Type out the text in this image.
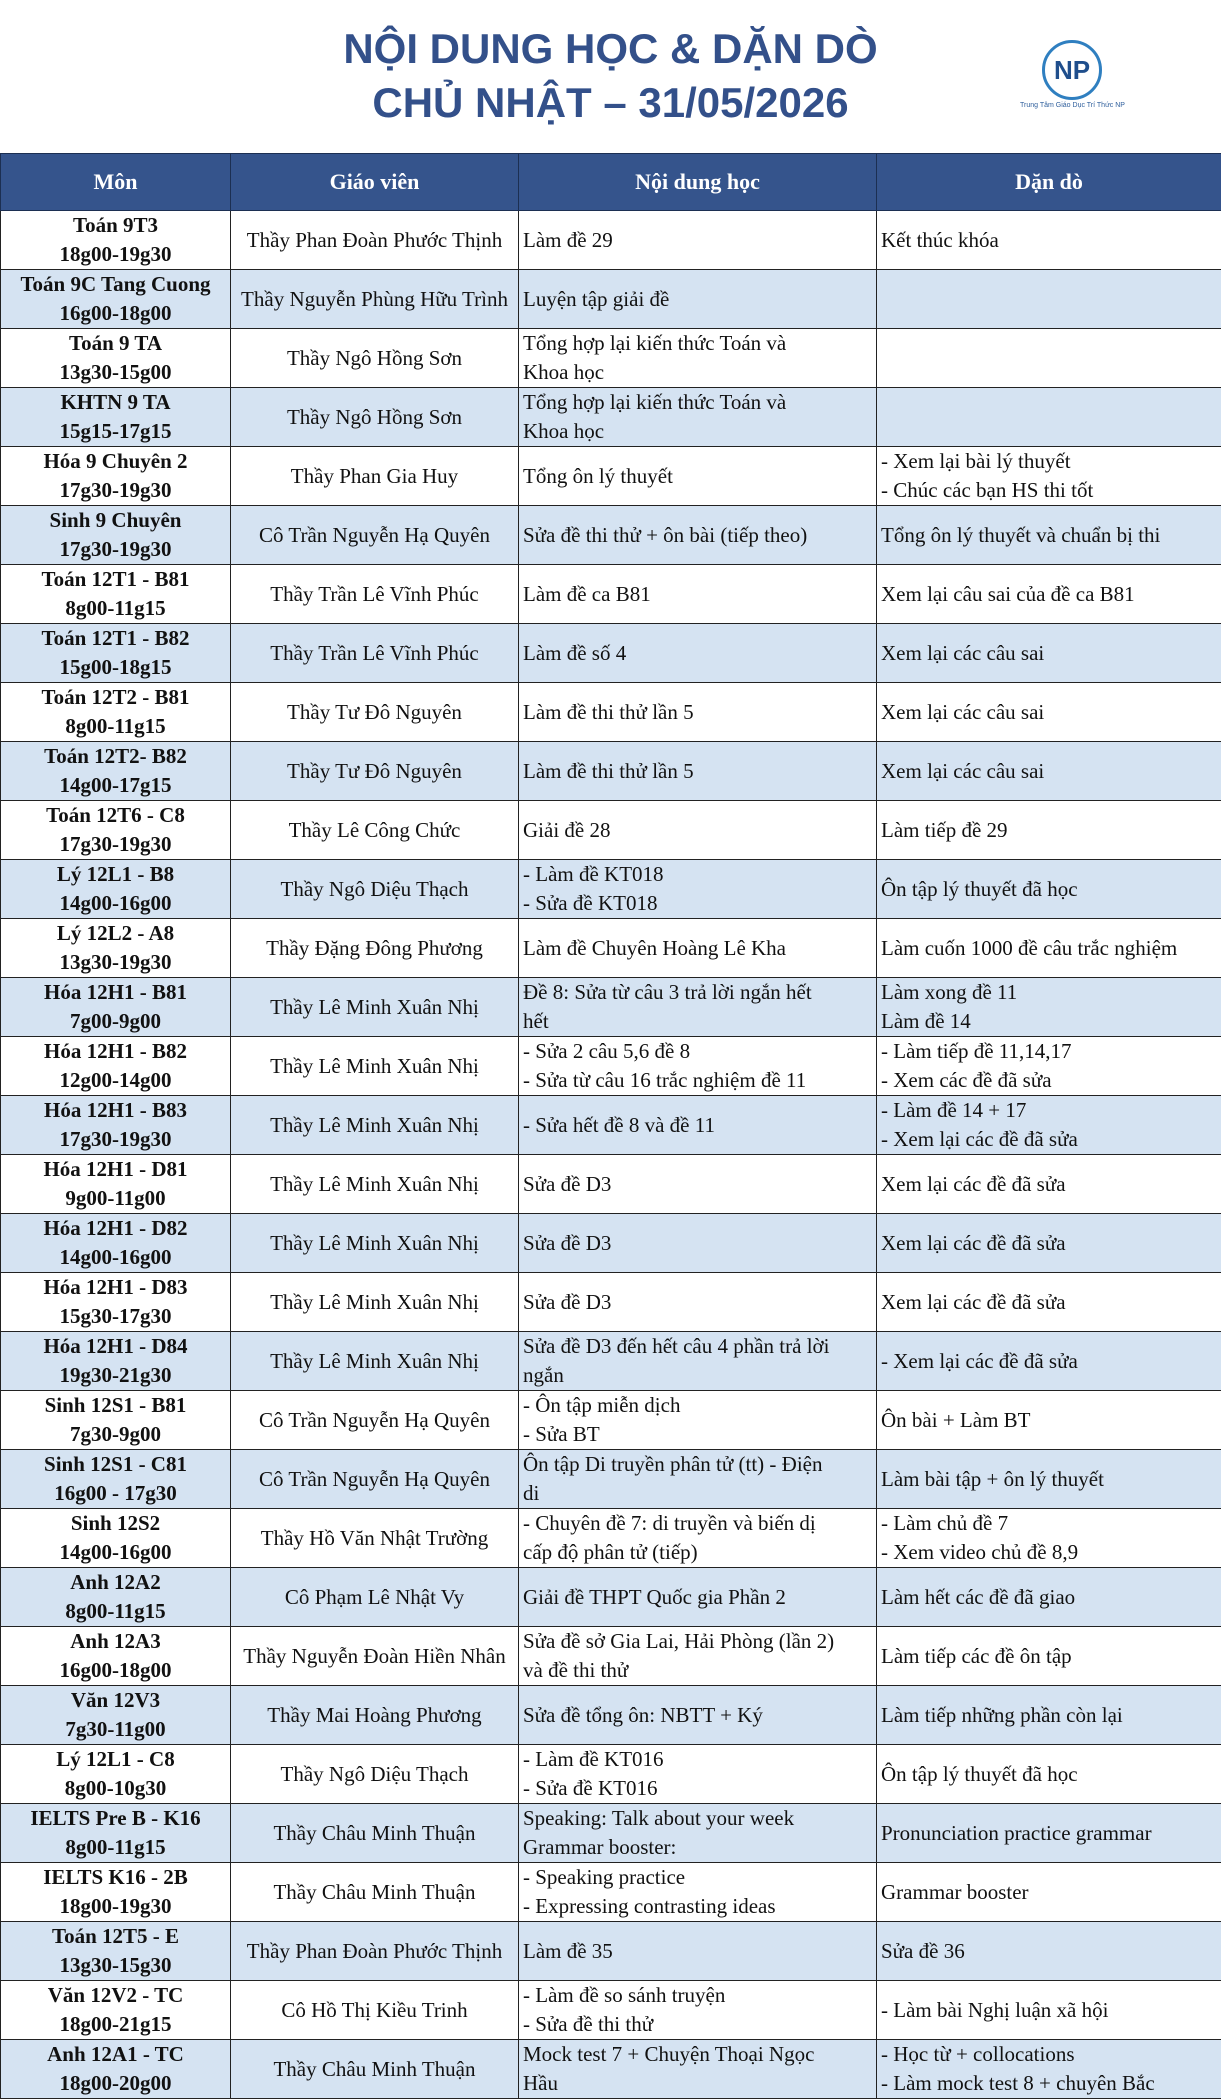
NỘI DUNG HỌC & DẶN DÒ
CHỦ NHẬT – 31/05/2026
NP
Trung Tâm Giáo Dục Trí Thức NP
Môn	Giáo viên	Nội dung học	Dặn dò

Toán 9T3
18g00-19g30	Thầy Phan Đoàn Phước Thịnh	Làm đề 29	Kết thúc khóa

Toán 9C Tang Cuong
16g00-18g00	Thầy Nguyễn Phùng Hữu Trình	Luyện tập giải đề	

Toán 9 TA
13g30-15g00	Thầy Ngô Hồng Sơn	Tổng hợp lại kiến thức Toán và
Khoa học	

KHTN 9 TA
15g15-17g15	Thầy Ngô Hồng Sơn	Tổng hợp lại kiến thức Toán và
Khoa học	

Hóa 9 Chuyên 2
17g30-19g30	Thầy Phan Gia Huy	Tổng ôn lý thuyết	- Xem lại bài lý thuyết
- Chúc các bạn HS thi tốt

Sinh 9 Chuyên
17g30-19g30	Cô Trần Nguyễn Hạ Quyên	Sửa đề thi thử + ôn bài (tiếp theo)	Tổng ôn lý thuyết và chuẩn bị thi

Toán 12T1 - B81
8g00-11g15	Thầy Trần Lê Vĩnh Phúc	Làm đề ca B81	Xem lại câu sai của đề ca B81

Toán 12T1 - B82
15g00-18g15	Thầy Trần Lê Vĩnh Phúc	Làm đề số 4	Xem lại các câu sai

Toán 12T2 - B81
8g00-11g15	Thầy Tư Đô Nguyên	Làm đề thi thử lần 5	Xem lại các câu sai

Toán 12T2- B82
14g00-17g15	Thầy Tư Đô Nguyên	Làm đề thi thử lần 5	Xem lại các câu sai

Toán 12T6 - C8
17g30-19g30	Thầy Lê Công Chức	Giải đề 28	Làm tiếp đề 29

Lý 12L1 - B8
14g00-16g00	Thầy Ngô Diệu Thạch	- Làm đề KT018
- Sửa đề KT018	Ôn tập lý thuyết đã học

Lý 12L2 - A8
13g30-19g30	Thầy Đặng Đông Phương	Làm đề Chuyên Hoàng Lê Kha	Làm cuốn 1000 đề câu trắc nghiệm

Hóa 12H1 - B81
7g00-9g00	Thầy Lê Minh Xuân Nhị	Đề 8: Sửa từ câu 3 trả lời ngắn hết
hết	Làm xong đề 11
Làm đề 14

Hóa 12H1 - B82
12g00-14g00	Thầy Lê Minh Xuân Nhị	- Sửa 2 câu 5,6 đề 8
- Sửa từ câu 16 trắc nghiệm đề 11	- Làm tiếp đề 11,14,17
- Xem các đề đã sửa

Hóa 12H1 - B83
17g30-19g30	Thầy Lê Minh Xuân Nhị	- Sửa hết đề 8 và đề 11	- Làm đề 14 + 17
- Xem lại các đề đã sửa

Hóa 12H1 - D81
9g00-11g00	Thầy Lê Minh Xuân Nhị	Sửa đề D3	Xem lại các đề đã sửa

Hóa 12H1 - D82
14g00-16g00	Thầy Lê Minh Xuân Nhị	Sửa đề D3	Xem lại các đề đã sửa

Hóa 12H1 - D83
15g30-17g30	Thầy Lê Minh Xuân Nhị	Sửa đề D3	Xem lại các đề đã sửa

Hóa 12H1 - D84
19g30-21g30	Thầy Lê Minh Xuân Nhị	Sửa đề D3 đến hết câu 4 phần trả lời
ngắn	- Xem lại các đề đã sửa

Sinh 12S1 - B81
7g30-9g00	Cô Trần Nguyễn Hạ Quyên	- Ôn tập miễn dịch
- Sửa BT	Ôn bài + Làm BT

Sinh 12S1 - C81
16g00 - 17g30	Cô Trần Nguyễn Hạ Quyên	Ôn tập Di truyền phân tử (tt) - Điện
di	Làm bài tập + ôn lý thuyết

Sinh 12S2
14g00-16g00	Thầy Hồ Văn Nhật Trường	- Chuyên đề 7: di truyền và biến dị
cấp độ phân tử (tiếp)	- Làm chủ đề 7
- Xem video chủ đề 8,9

Anh 12A2
8g00-11g15	Cô Phạm Lê Nhật Vy	Giải đề THPT Quốc gia Phần 2	Làm hết các đề đã giao

Anh 12A3
16g00-18g00	Thầy Nguyễn Đoàn Hiền Nhân	Sửa đề sở Gia Lai, Hải Phòng (lần 2)
và đề thi thử	Làm tiếp các đề ôn tập

Văn 12V3
7g30-11g00	Thầy Mai Hoàng Phương	Sửa đề tổng ôn: NBTT + Ký	Làm tiếp những phần còn lại

Lý 12L1 - C8
8g00-10g30	Thầy Ngô Diệu Thạch	- Làm đề KT016
- Sửa đề KT016	Ôn tập lý thuyết đã học

IELTS Pre B - K16
8g00-11g15	Thầy Châu Minh Thuận	Speaking: Talk about your week
Grammar booster:	Pronunciation practice grammar

IELTS K16 - 2B
18g00-19g30	Thầy Châu Minh Thuận	- Speaking practice
- Expressing contrasting ideas	Grammar booster

Toán 12T5 - E
13g30-15g30	Thầy Phan Đoàn Phước Thịnh	Làm đề 35	Sửa đề 36

Văn 12V2 - TC
18g00-21g15	Cô Hồ Thị Kiều Trinh	- Làm đề so sánh truyện
- Sửa đề thi thử	- Làm bài Nghị luận xã hội

Anh 12A1 - TC
18g00-20g00	Thầy Châu Minh Thuận	Mock test 7 + Chuyện Thoại Ngọc
Hầu	- Học từ + collocations
- Làm mock test 8 + chuyên Bắc
